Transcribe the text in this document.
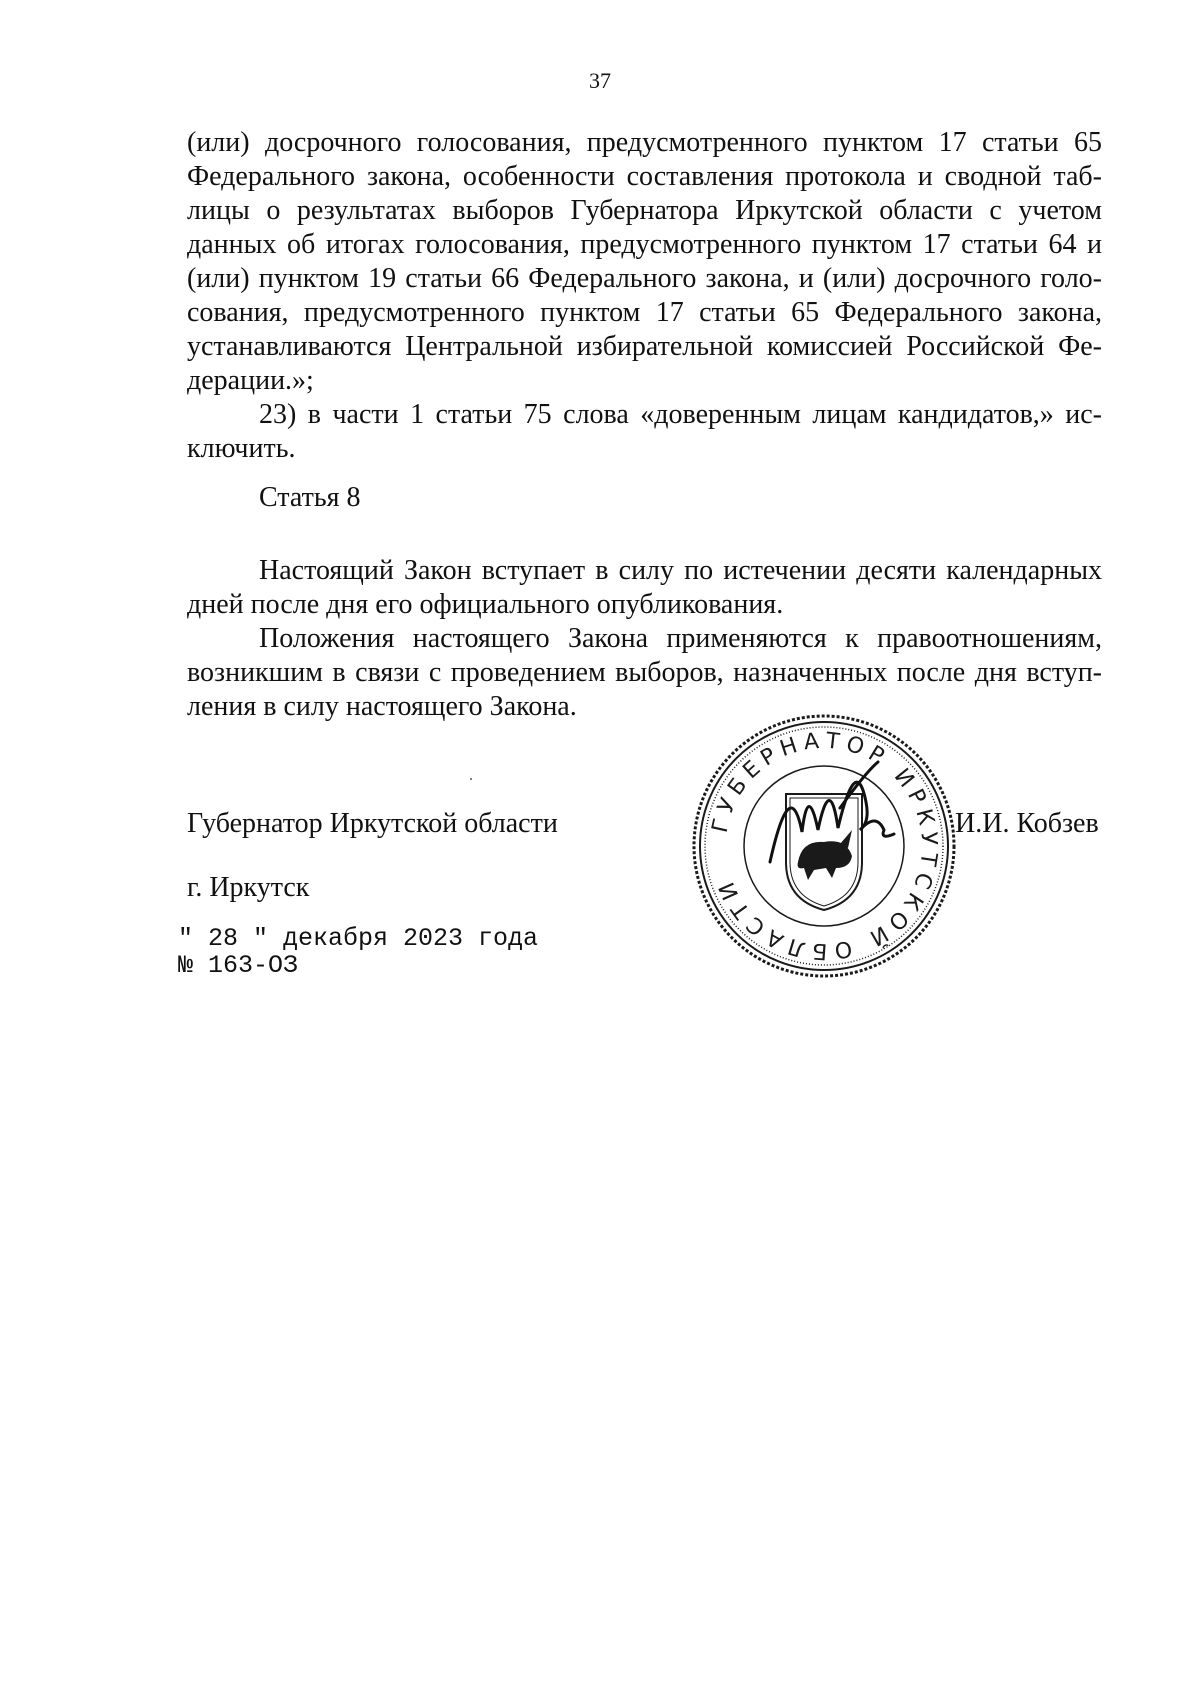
37
(или) досрочного голосования, предусмотренного пунктом 17 статьи 65
Федерального закона, особенности составления протокола и сводной таб-
лицы о результатах выборов Губернатора Иркутской области с учетом
данных об итогах голосования, предусмотренного пунктом 17 статьи 64 и
(или) пунктом 19 статьи 66 Федерального закона, и (или) досрочного голо-
сования, предусмотренного пунктом 17 статьи 65 Федерального закона,
устанавливаются Центральной избирательной комиссией Российской Фе-
дерации.»;
23) в части 1 статьи 75 слова «доверенным лицам кандидатов,» ис-
ключить.
Статья 8
Настоящий Закон вступает в силу по истечении десяти календарных
дней после дня его официального опубликования.
Положения настоящего Закона применяются к правоотношениям,
возникшим в связи с проведением выборов, назначенных после дня вступ-
ления в силу настоящего Закона.
ГУБЕРНАТОР ИРКУТСКОЙ ОБЛАСТИ
Губернатор Иркутской области	И.И. Кобзев
г. Иркутск
" 28 " декабря 2023 года
№ 163-ОЗ
